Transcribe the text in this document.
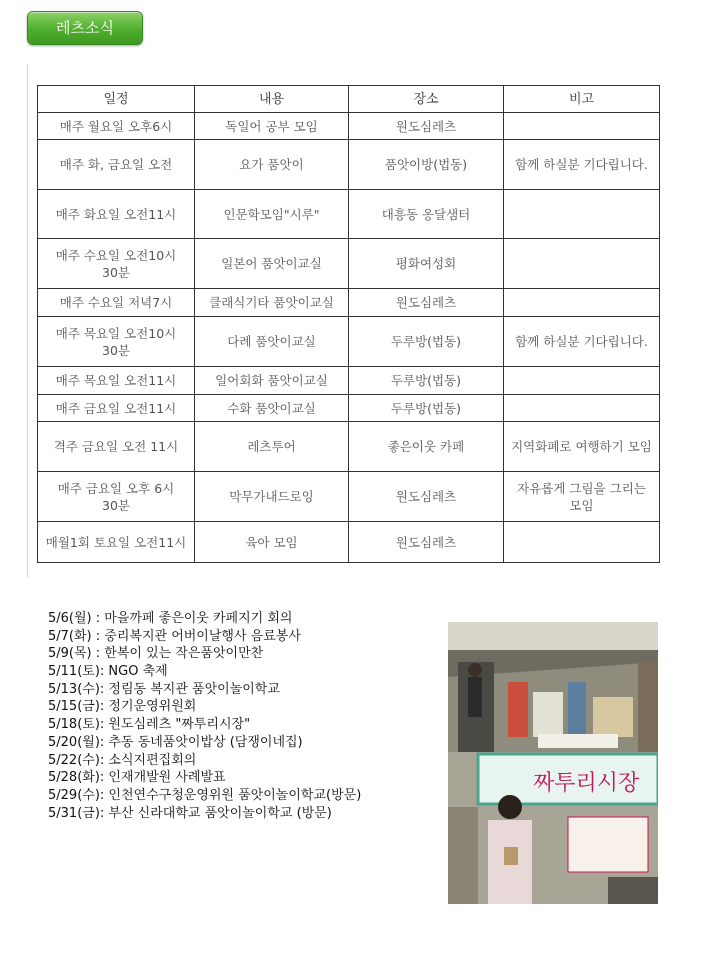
레츠소식
일정	내용	장소	비고
매주 월요일 오후6시	독일어 공부 모임	원도심레츠	
매주 화, 금요일 오전	요가 품앗이	품앗이방(법동)	함께 하실분 기다립니다.
매주 화요일 오전11시	인문학모임"시루"	대흥동 옹달샘터	
매주 수요일 오전10시 30분	일본어 품앗이교실	평화여성회	
매주 수요일 저녁7시	클래식기타 품앗이교실	원도심레츠	
매주 목요일 오전10시 30분	다례 품앗이교실	두루방(법동)	함께 하실분 기다립니다.
매주 목요일 오전11시	일어회화 품앗이교실	두루방(법동)	
매주 금요일 오전11시	수화 품앗이교실	두루방(법동)	
격주 금요일 오전 11시	레츠투어	좋은이웃 카페	지역화폐로 여행하기 모임
매주 금요일 오후 6시 30분	막무가내드로잉	원도심레츠	자유롭게 그림을 그리는 모임
매월1회 토요일 오전11시	육아 모임	원도심레츠	
5/6(월) : 마을까페 좋은이웃 카페지기 회의
5/7(화) : 중리복지관 어버이날행사 음료봉사
5/9(목) : 한복이 있는 작은품앗이만찬
5/11(토): NGO 축제
5/13(수): 정림동 복지관 품앗이놀이학교
5/15(금): 정기운영위원회
5/18(토): 원도심레츠 "짜투리시장"
5/20(월): 추동 동네품앗이밥상 (담쟁이네집)
5/22(수): 소식지편집회의
5/28(화): 인재개발원 사례발표
5/29(수): 인천연수구청운영위원 품앗이놀이학교(방문)
5/31(금): 부산 신라대학교 품앗이놀이학교 (방문)
짜투리시장
